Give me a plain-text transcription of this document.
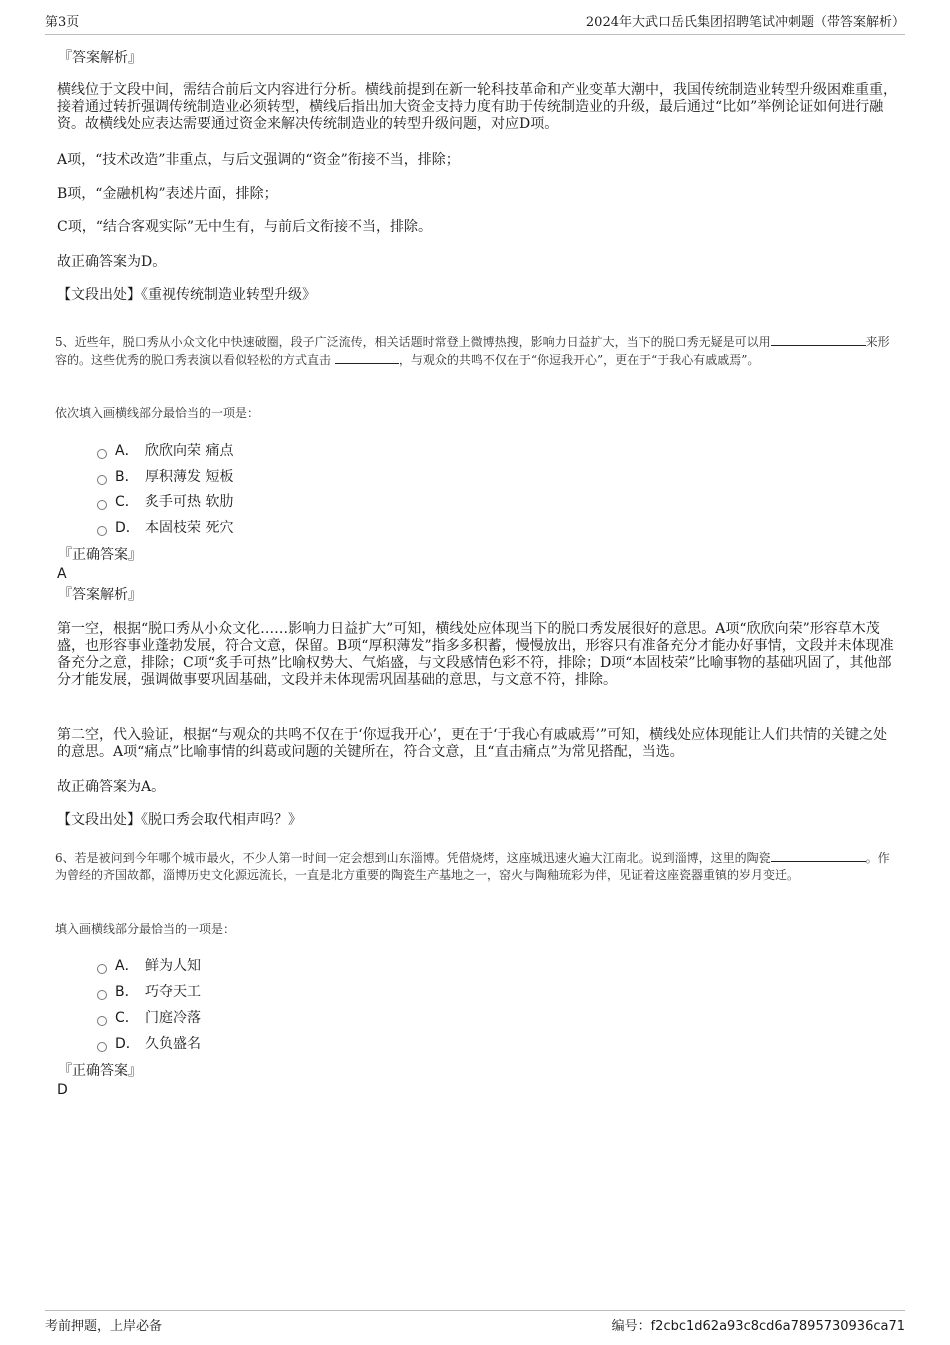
第3页	2024年大武口岳氏集团招聘笔试冲刺题（带答案解析）
『答案解析』
横线位于文段中间，需结合前后文内容进行分析。横线前提到在新一轮科技革命和产业变革大潮中，我国传统制造业转型升级困难重重，接着通过转折强调传统制造业必须转型，横线后指出加大资金支持力度有助于传统制造业的升级，最后通过“比如”举例论证如何进行融资。故横线处应表达需要通过资金来解决传统制造业的转型升级问题，对应D项。
A项，“技术改造”非重点，与后文强调的“资金”衔接不当，排除；
B项，“金融机构”表述片面，排除；
C项，“结合客观实际”无中生有，与前后文衔接不当，排除。
故正确答案为D。
【文段出处】《重视传统制造业转型升级》
5、近些年，脱口秀从小众文化中快速破圈，段子广泛流传，相关话题时常登上微博热搜，影响力日益扩大，当下的脱口秀无疑是可以用	来形容的。这些优秀的脱口秀表演以看似轻松的方式直击	，与观众的共鸣不仅在于“你逗我开心”，更在于“于我心有戚戚焉”。
依次填入画横线部分最恰当的一项是：
A． 欣欣向荣 痛点
B． 厚积薄发 短板
C． 炙手可热 软肋
D． 本固枝荣 死穴
『正确答案』
A
『答案解析』
第一空，根据“脱口秀从小众文化……影响力日益扩大”可知，横线处应体现当下的脱口秀发展很好的意思。A项“欣欣向荣”形容草木茂盛，也形容事业蓬勃发展，符合文意，保留。B项“厚积薄发”指多多积蓄，慢慢放出，形容只有准备充分才能办好事情，文段并未体现准备充分之意，排除；C项“炙手可热”比喻权势大、气焰盛，与文段感情色彩不符，排除；D项“本固枝荣”比喻事物的基础巩固了，其他部分才能发展，强调做事要巩固基础，文段并未体现需巩固基础的意思，与文意不符，排除。
第二空，代入验证，根据“与观众的共鸣不仅在于‘你逗我开心’，更在于‘于我心有戚戚焉’”可知，横线处应体现能让人们共情的关键之处的意思。A项“痛点”比喻事情的纠葛或问题的关键所在，符合文意，且“直击痛点”为常见搭配，当选。
故正确答案为A。
【文段出处】《脱口秀会取代相声吗？》
6、若是被问到今年哪个城市最火，不少人第一时间一定会想到山东淄博。凭借烧烤，这座城迅速火遍大江南北。说到淄博，这里的陶瓷	。作为曾经的齐国故都，淄博历史文化源远流长，一直是北方重要的陶瓷生产基地之一，窑火与陶釉琉彩为伴，见证着这座瓷器重镇的岁月变迁。
填入画横线部分最恰当的一项是：
A． 鲜为人知
B． 巧夺天工
C． 门庭冷落
D． 久负盛名
『正确答案』
D
考前押题，上岸必备	编号：f2cbc1d62a93c8cd6a7895730936ca71
